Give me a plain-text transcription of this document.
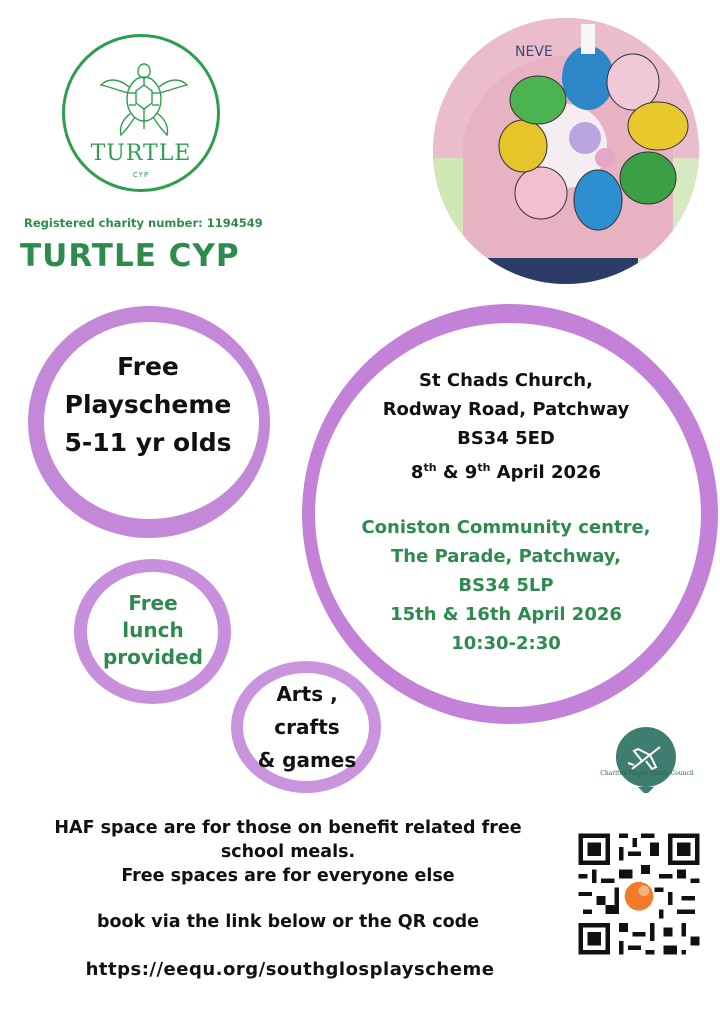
TURTLE
CYP
Registered charity number: 1194549
TURTLE CYP
NEVE
Free
Playscheme
5-11 yr olds
Free
lunch
provided
Arts ,
crafts
& games
St Chads Church,
Rodway Road, Patchway
BS34 5ED
8th & 9th April 2026
Coniston Community centre,
The Parade, Patchway,
BS34 5LP
15th & 16th April 2026
10:30-2:30
Charlton Hayes Parish Council

HAF space are for those on benefit related free

school meals.

Free spaces are for everyone else

book via the link below or the QR code
https://eequ.org/southglosplayscheme
